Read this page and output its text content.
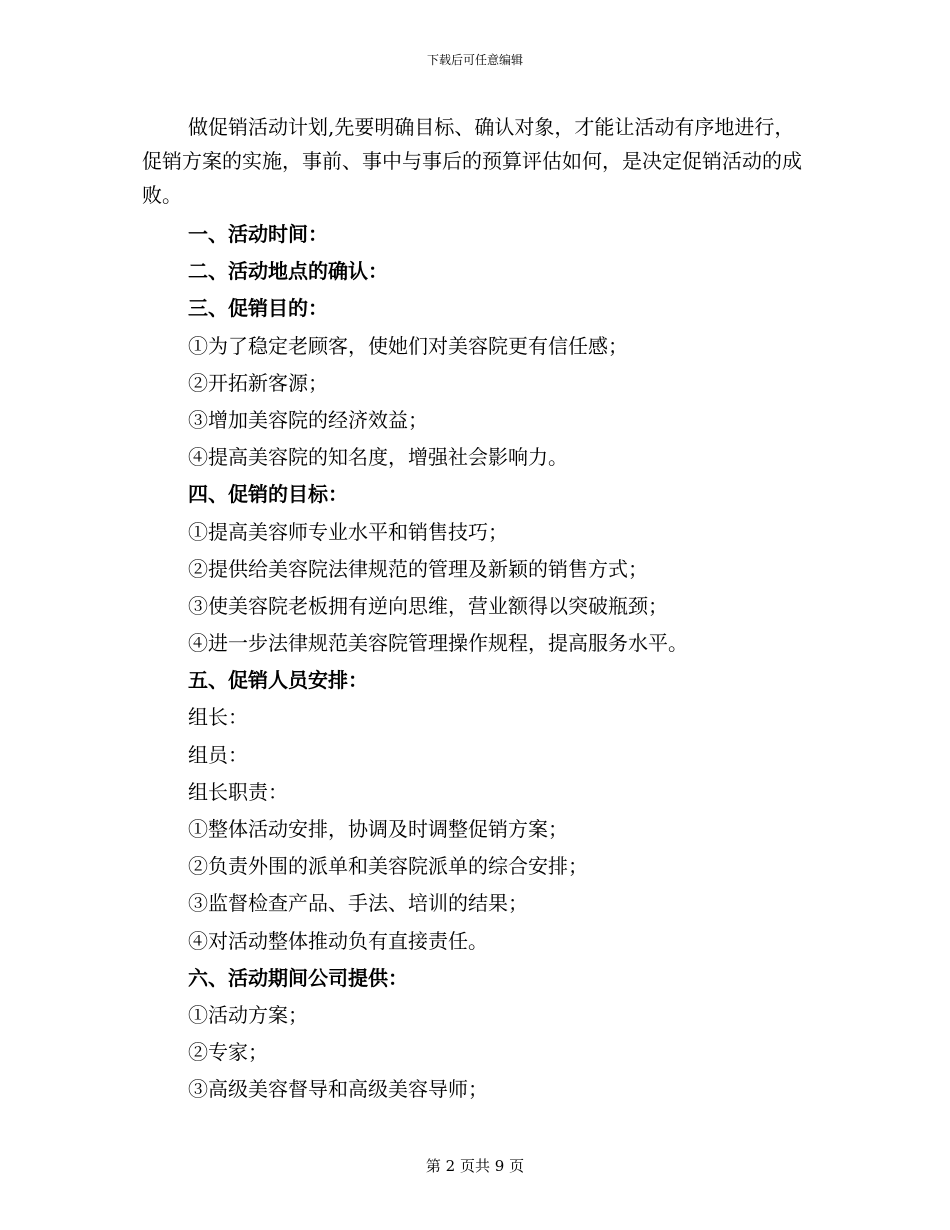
下载后可任意编辑

做促销活动计划,先要明确目标、确认对象，才能让活动有序地进行，促销方案的实施，事前、事中与事后的预算评估如何，是决定促销活动的成败。

一、活动时间：
二、活动地点的确认：
三、促销目的：
①为了稳定老顾客，使她们对美容院更有信任感；
②开拓新客源；
③增加美容院的经济效益；
④提高美容院的知名度，增强社会影响力。
四、促销的目标：
①提高美容师专业水平和销售技巧；
②提供给美容院法律规范的管理及新颖的销售方式；
③使美容院老板拥有逆向思维，营业额得以突破瓶颈；
④进一步法律规范美容院管理操作规程，提高服务水平。
五、促销人员安排：
组长：
组员：
组长职责：
①整体活动安排，协调及时调整促销方案；
②负责外围的派单和美容院派单的综合安排；
③监督检查产品、手法、培训的结果；
④对活动整体推动负有直接责任。
六、活动期间公司提供：
①活动方案；
②专家；
③高级美容督导和高级美容导师；
第 2 页共 9 页
